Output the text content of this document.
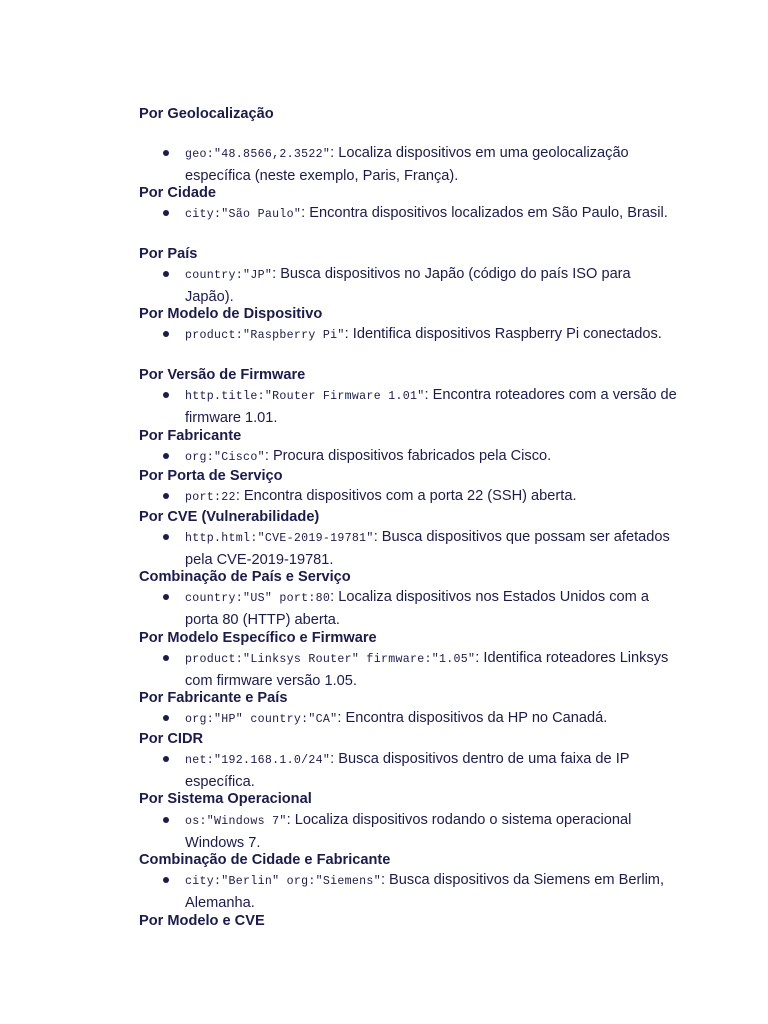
Por Geolocalização
geo:"48.8566,2.3522": Localiza dispositivos em uma geolocalização específica (neste exemplo, Paris, França).
Por Cidade
city:"São Paulo": Encontra dispositivos localizados em São Paulo, Brasil.
Por País
country:"JP": Busca dispositivos no Japão (código do país ISO para Japão).
Por Modelo de Dispositivo
product:"Raspberry Pi": Identifica dispositivos Raspberry Pi conectados.
Por Versão de Firmware
http.title:"Router Firmware 1.01": Encontra roteadores com a versão de firmware 1.01.
Por Fabricante
org:"Cisco": Procura dispositivos fabricados pela Cisco.
Por Porta de Serviço
port:22: Encontra dispositivos com a porta 22 (SSH) aberta.
Por CVE (Vulnerabilidade)
http.html:"CVE-2019-19781": Busca dispositivos que possam ser afetados pela CVE-2019-19781.
Combinação de País e Serviço
country:"US" port:80: Localiza dispositivos nos Estados Unidos com a porta 80 (HTTP) aberta.
Por Modelo Específico e Firmware
product:"Linksys Router" firmware:"1.05": Identifica roteadores Linksys com firmware versão 1.05.
Por Fabricante e País
org:"HP" country:"CA": Encontra dispositivos da HP no Canadá.
Por CIDR
net:"192.168.1.0/24": Busca dispositivos dentro de uma faixa de IP específica.
Por Sistema Operacional
os:"Windows 7": Localiza dispositivos rodando o sistema operacional Windows 7.
Combinação de Cidade e Fabricante
city:"Berlin" org:"Siemens": Busca dispositivos da Siemens em Berlim, Alemanha.
Por Modelo e CVE
